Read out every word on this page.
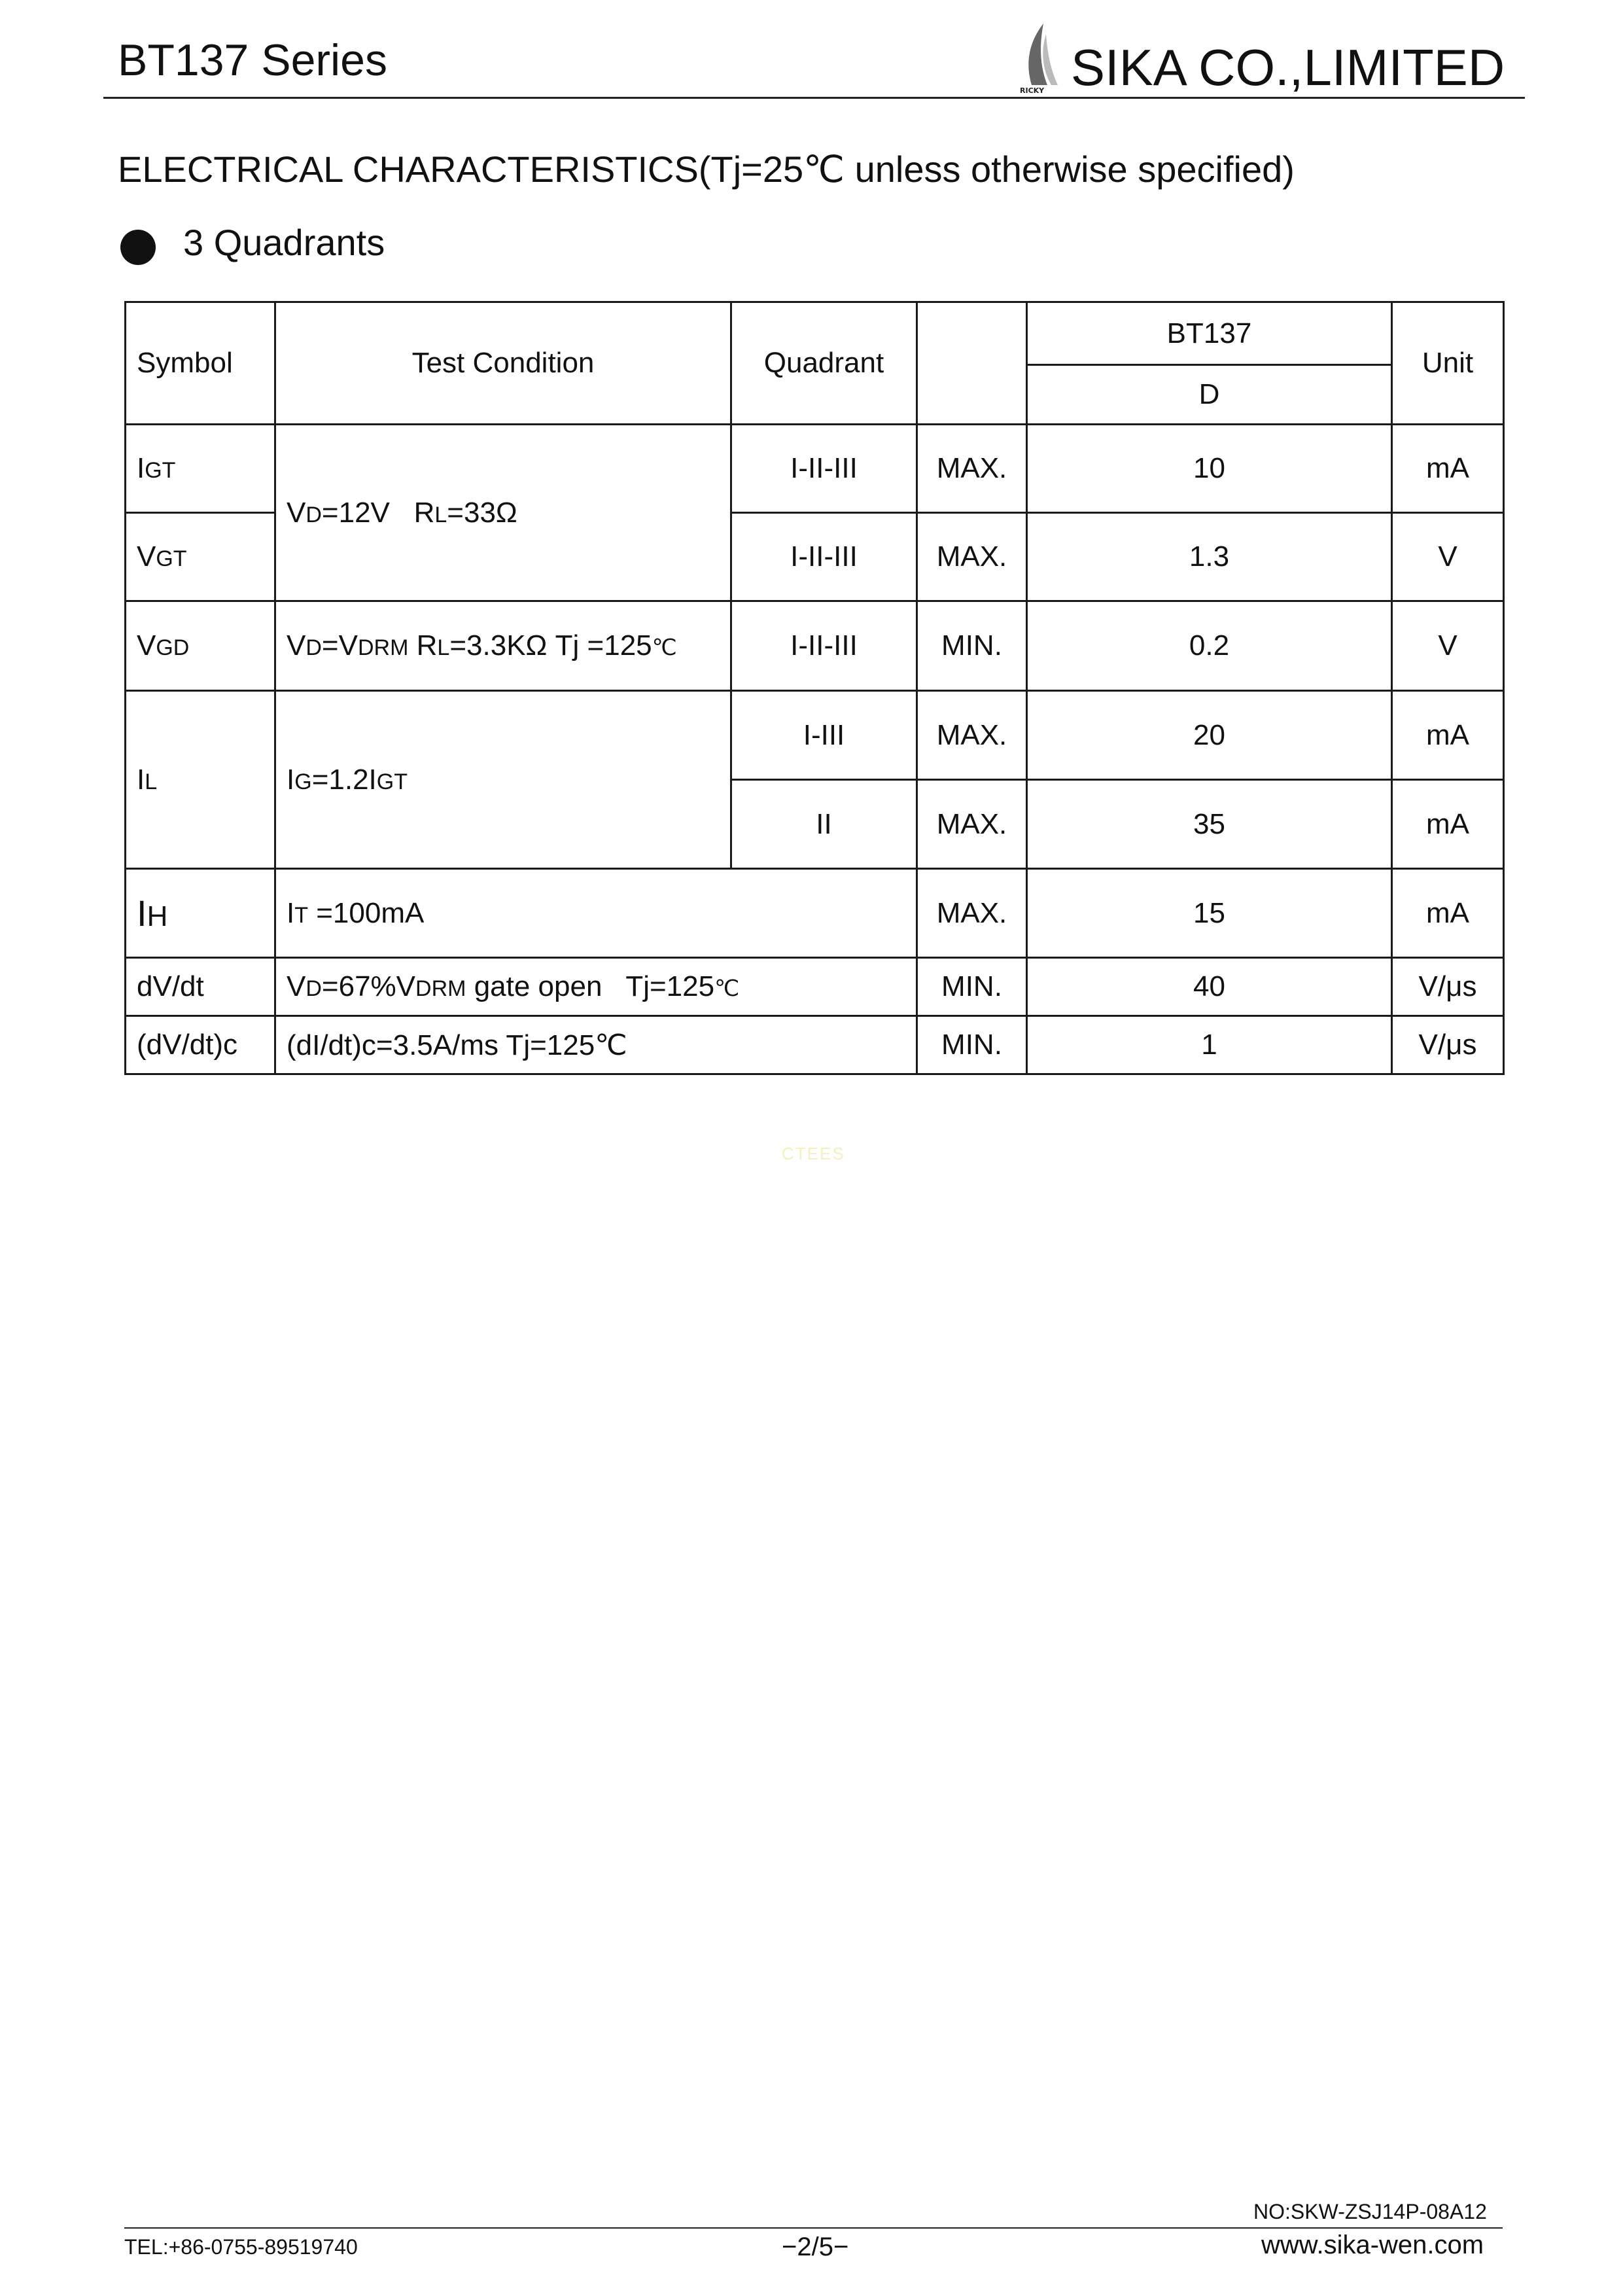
BT137 Series
RICKY SIKA CO.,LIMITED
ELECTRICAL CHARACTERISTICS(Tj=25℃ unless otherwise specified)
3 Quadrants
Symbol	Test Condition	Quadrant		BT137	Unit
				D	
IGT	VD=12V   RL=33Ω	I-II-III	MAX.	10	mA
VGT		I-II-III	MAX.	1.3	V
VGD	VD=VDRM RL=3.3KΩ Tj =125℃	I-II-III	MIN.	0.2	V
IL	IG=1.2IGT	I-III	MAX.	20	mA
		II	MAX.	35	mA
IH	IT =100mA		MAX.	15	mA
dV/dt	VD=67%VDRM gate open   Tj=125℃		MIN.	40	V/μs
(dV/dt)c	(dI/dt)c=3.5A/ms Tj=125℃		MIN.	1	V/μs
CTEES
NO:SKW-ZSJ14P-08A12
TEL:+86-0755-89519740	−2/5−	www.sika-wen.com
